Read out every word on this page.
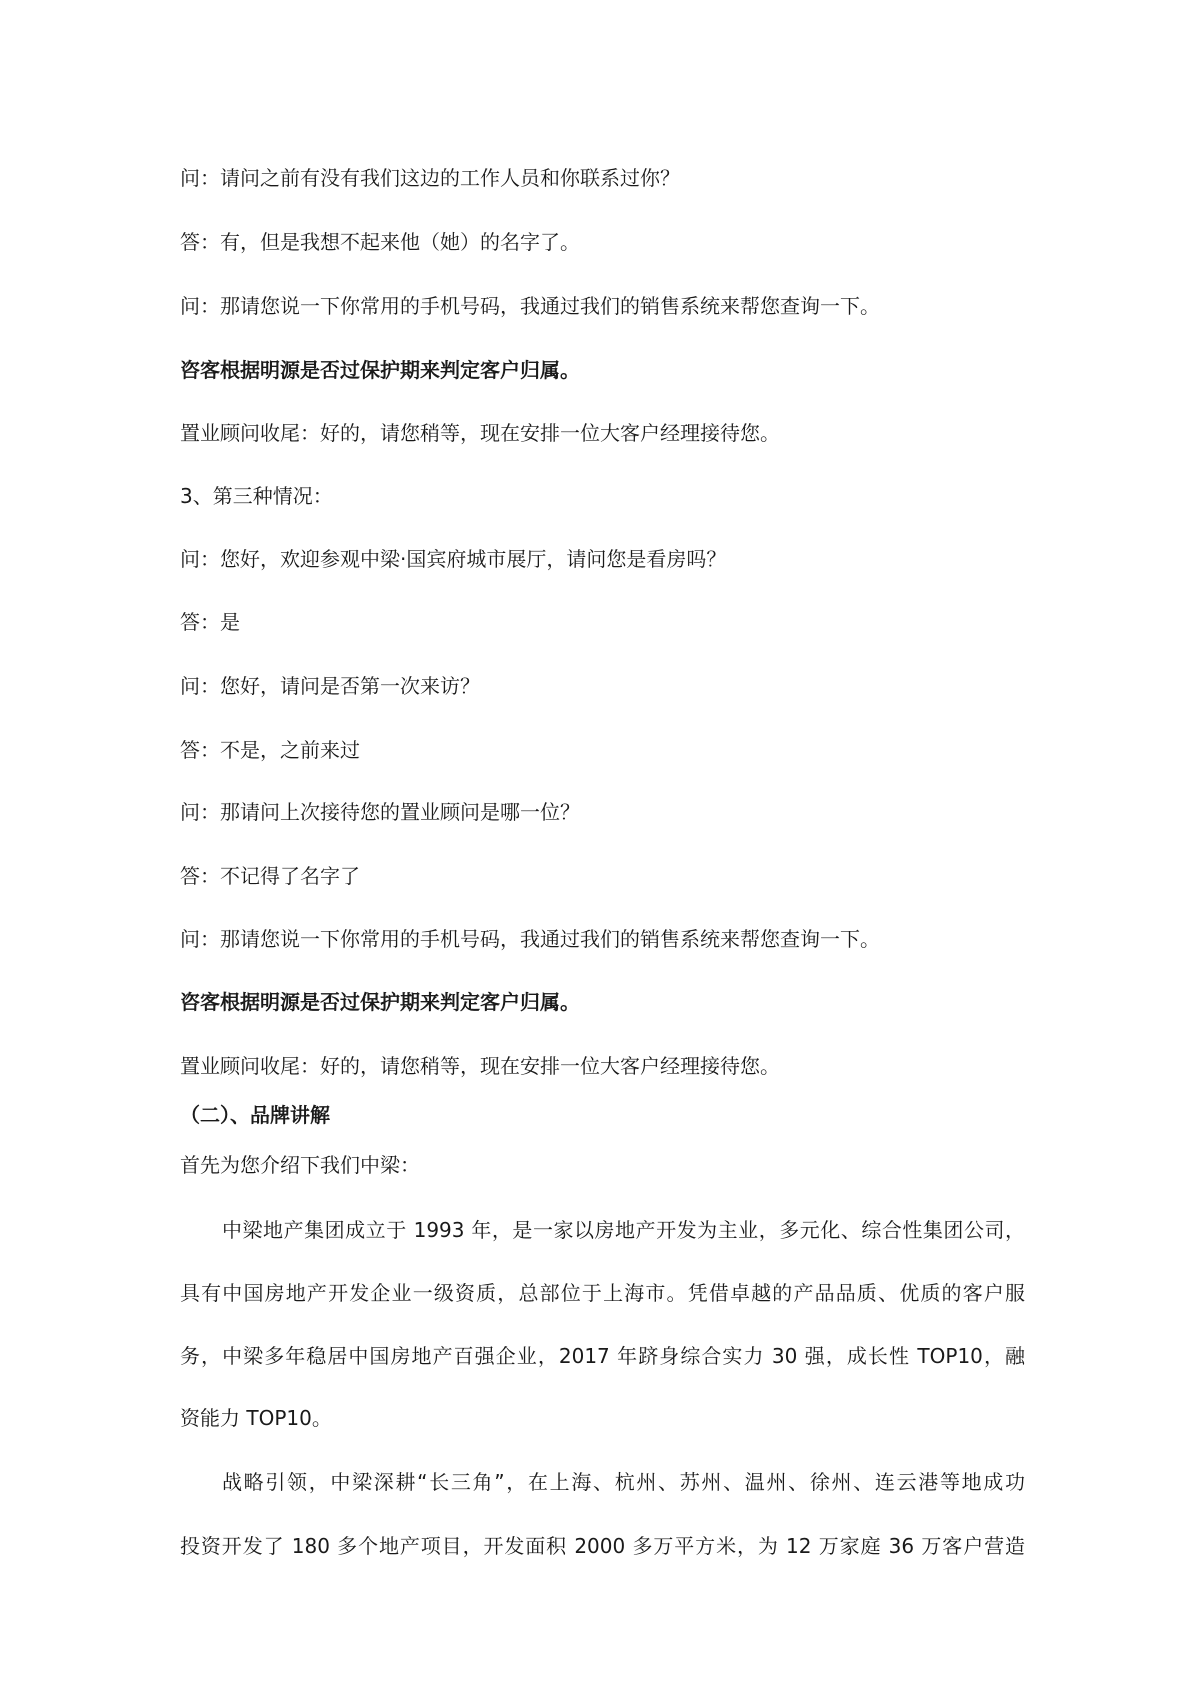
问：请问之前有没有我们这边的工作人员和你联系过你？
答：有，但是我想不起来他（她）的名字了。
问：那请您说一下你常用的手机号码，我通过我们的销售系统来帮您查询一下。
咨客根据明源是否过保护期来判定客户归属。
置业顾问收尾：好的，请您稍等，现在安排一位大客户经理接待您。
3、第三种情况：
问：您好，欢迎参观中梁·国宾府城市展厅，请问您是看房吗？
答：是
问：您好，请问是否第一次来访？
答：不是，之前来过
问：那请问上次接待您的置业顾问是哪一位？
答：不记得了名字了
问：那请您说一下你常用的手机号码，我通过我们的销售系统来帮您查询一下。
咨客根据明源是否过保护期来判定客户归属。
置业顾问收尾：好的，请您稍等，现在安排一位大客户经理接待您。
（二）、品牌讲解
首先为您介绍下我们中梁：
中梁地产集团成立于 1993 年，是一家以房地产开发为主业，多元化、综合性集团公司，
具有中国房地产开发企业一级资质，总部位于上海市。凭借卓越的产品品质、优质的客户服
务，中梁多年稳居中国房地产百强企业，2017 年跻身综合实力 30 强，成长性 TOP10，融
资能力 TOP10。
战略引领，中梁深耕“长三角”，在上海、杭州、苏州、温州、徐州、连云港等地成功
投资开发了 180 多个地产项目，开发面积 2000 多万平方米，为 12 万家庭 36 万客户营造
